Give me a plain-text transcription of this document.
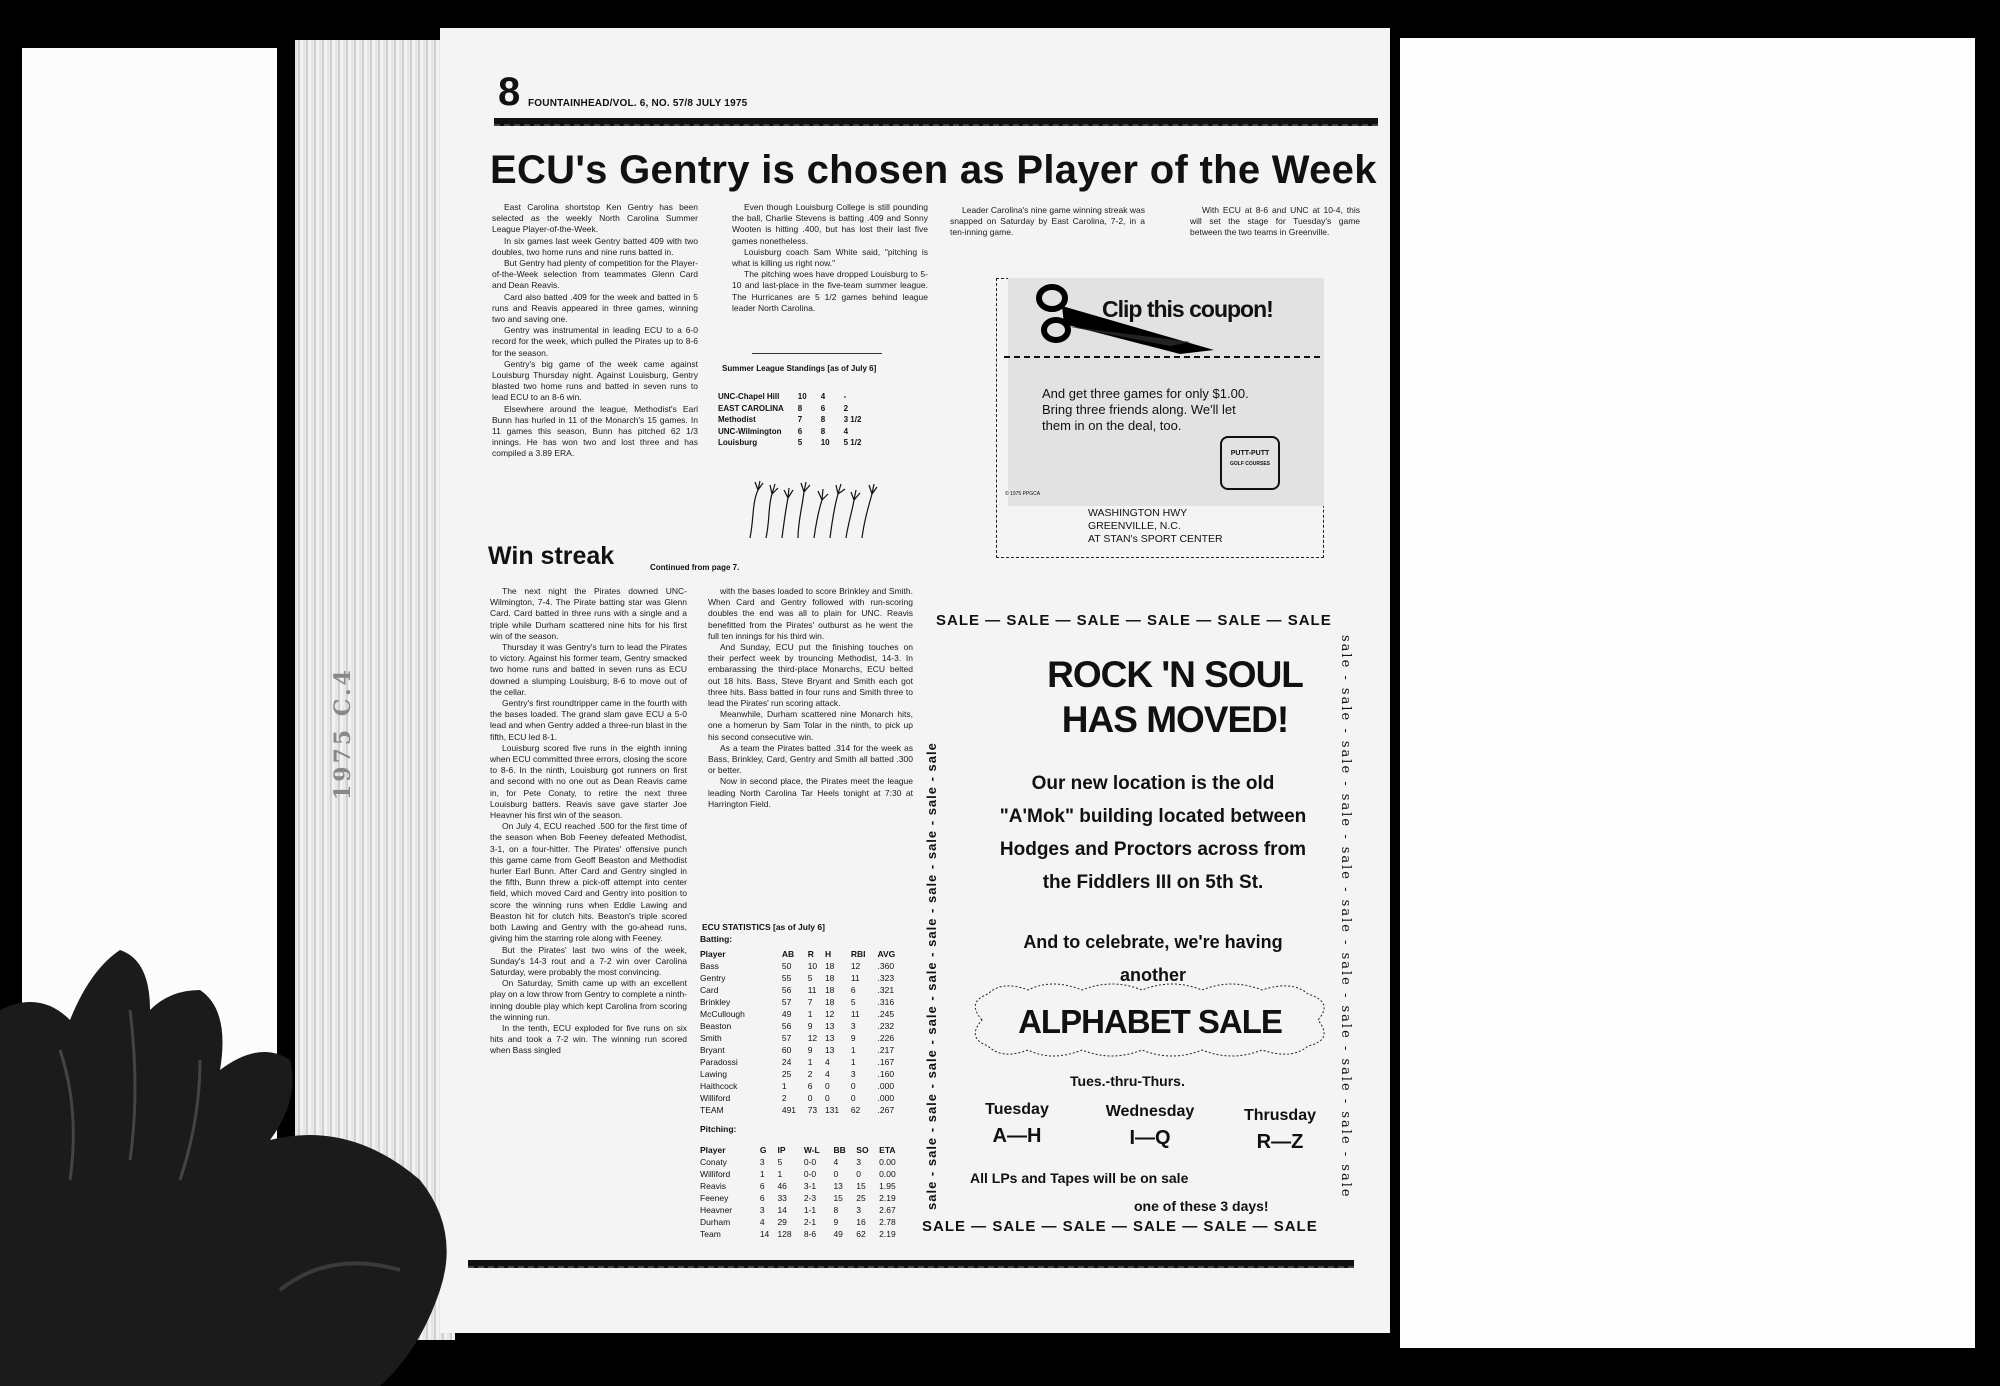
1975 C.4
8 FOUNTAINHEAD/VOL. 6, NO. 57/8 JULY 1975
ECU's Gentry is chosen as Player of the Week

East Carolina shortstop Ken Gentry has been selected as the weekly North Carolina Summer League Player-of-the-Week.

In six games last week Gentry batted 409 with two doubles, two home runs and nine runs batted in.

But Gentry had plenty of competition for the Player-of-the-Week selection from teammates Glenn Card and Dean Reavis.

Card also batted .409 for the week and batted in 5 runs and Reavis appeared in three games, winning two and saving one.

Gentry was instrumental in leading ECU to a 6-0 record for the week, which pulled the Pirates up to 8-6 for the season.

Gentry's big game of the week came against Louisburg Thursday night. Against Louisburg, Gentry blasted two home runs and batted in seven runs to lead ECU to an 8-6 win.

Elsewhere around the league, Methodist's Earl Bunn has hurled in 11 of the Monarch's 15 games. In 11 games this season, Bunn has pitched 62 1/3 innings. He has won two and lost three and has compiled a 3.89 ERA.

Even though Louisburg College is still pounding the ball, Charlie Stevens is batting .409 and Sonny Wooten is hitting .400, but has lost their last five games nonetheless.

Louisburg coach Sam White said, "pitching is what is killing us right now."

The pitching woes have dropped Louisburg to 5-10 and last-place in the five-team summer league. The Hurricanes are 5 1/2 games behind league leader North Carolina.

Leader Carolina's nine game winning streak was snapped on Saturday by East Carolina, 7-2, in a ten-inning game.

With ECU at 8-6 and UNC at 10-4, this will set the stage for Tuesday's game between the two teams in Greenville.

Summer League Standings [as of July 6]
UNC-Chapel Hill	10	4	-
EAST CAROLINA	8	6	2
Methodist	7	8	3 1/2
UNC-Wilmington	6	8	4
Louisburg	5	10	5 1/2
Clip this coupon!
And get three games for only $1.00.
Bring three friends along. We'll let
them in on the deal, too.
PUTT-PUTT
GOLF COURSES
© 1975 PPGCA
WASHINGTON HWY
GREENVILLE, N.C.
AT STAN's SPORT CENTER
Win streak	Continued from page 7.

The next night the Pirates downed UNC-Wilmington, 7-4. The Pirate batting star was Glenn Card. Card batted in three runs with a single and a triple while Durham scattered nine hits for his first win of the season.

Thursday it was Gentry's turn to lead the Pirates to victory. Against his former team, Gentry smacked two home runs and batted in seven runs as ECU downed a slumping Louisburg, 8-6 to move out of the cellar.

Gentry's first roundtripper came in the fourth with the bases loaded. The grand slam gave ECU a 5-0 lead and when Gentry added a three-run blast in the fifth, ECU led 8-1.

Louisburg scored five runs in the eighth inning when ECU committed three errors, closing the score to 8-6. In the ninth, Louisburg got runners on first and second with no one out as Dean Reavis came in, for Pete Conaty, to retire the next three Louisburg batters. Reavis save gave starter Joe Heavner his first win of the season.

On July 4, ECU reached .500 for the first time of the season when Bob Feeney defeated Methodist, 3-1, on a four-hitter. The Pirates' offensive punch this game came from Geoff Beaston and Methodist hurler Earl Bunn. After Card and Gentry singled in the fifth, Bunn threw a pick-off attempt into center field, which moved Card and Gentry into position to score the winning runs when Eddie Lawing and Beaston hit for clutch hits. Beaston's triple scored both Lawing and Gentry with the go-ahead runs, giving him the starring role along with Feeney.

But the Pirates' last two wins of the week, Sunday's 14-3 rout and a 7-2 win over Carolina Saturday, were probably the most convincing.

On Saturday, Smith came up with an excellent play on a low throw from Gentry to complete a ninth-inning double play which kept Carolina from scoring the winning run.

In the tenth, ECU exploded for five runs on six hits and took a 7-2 win. The winning run scored when Bass singled

with the bases loaded to score Brinkley and Smith. When Card and Gentry followed with run-scoring doubles the end was all to plain for UNC. Reavis benefitted from the Pirates' outburst as he went the full ten innings for his third win.

And Sunday, ECU put the finishing touches on their perfect week by trouncing Methodist, 14-3. In embarassing the third-place Monarchs, ECU belted out 18 hits. Bass, Steve Bryant and Smith each got three hits. Bass batted in four runs and Smith three to lead the Pirates' run scoring attack.

Meanwhile, Durham scattered nine Monarch hits, one a homerun by Sam Tolar in the ninth, to pick up his second consecutive win.

As a team the Pirates batted .314 for the week as Bass, Brinkley, Card, Gentry and Smith all batted .300 or better.

Now in second place, the Pirates meet the league leading North Carolina Tar Heels tonight at 7:30 at Harrington Field.

ECU STATISTICS [as of July 6]
Batting:
Player	AB	R	H	RBI	AVG
Bass	50	10	18	12	.360
Gentry	55	5	18	11	.323
Card	56	11	18	6	.321
Brinkley	57	7	18	5	.316
McCullough	49	1	12	11	.245
Beaston	56	9	13	3	.232
Smith	57	12	13	9	.226
Bryant	60	9	13	1	.217
Paradossi	24	1	4	1	.167
Lawing	25	2	4	3	.160
Haithcock	1	6	0	0	.000
Williford	2	0	0	0	.000
TEAM	491	73	131	62	.267
Pitching:
Player	G	IP	W-L	BB	SO	ETA
Conaty	3	5	0-0	4	3	0.00
Williford	1	1	0-0	0	0	0.00
Reavis	6	46	3-1	13	15	1.95
Feeney	6	33	2-3	15	25	2.19
Heavner	3	14	1-1	8	3	2.67
Durham	4	29	2-1	9	16	2.78
Team	14	128	8-6	49	62	2.19
SALE — SALE — SALE — SALE — SALE — SALE
SALE — SALE — SALE — SALE — SALE — SALE
sale - sale - sale - sale - sale - sale - sale - sale - sale - sale - sale	sale - sale - sale - sale - sale - sale - sale - sale - sale - sale - sale
ROCK 'N SOUL
HAS MOVED!
Our new location is the old
"A'Mok" building located between
Hodges and Proctors across from
the Fiddlers III on 5th St.
And to celebrate, we're having
another
ALPHABET SALE
Tues.-thru-Thurs.
Tuesday
A—H
Wednesday
I—Q
Thrusday
R—Z
All LPs and Tapes will be on sale
one of these 3 days!
